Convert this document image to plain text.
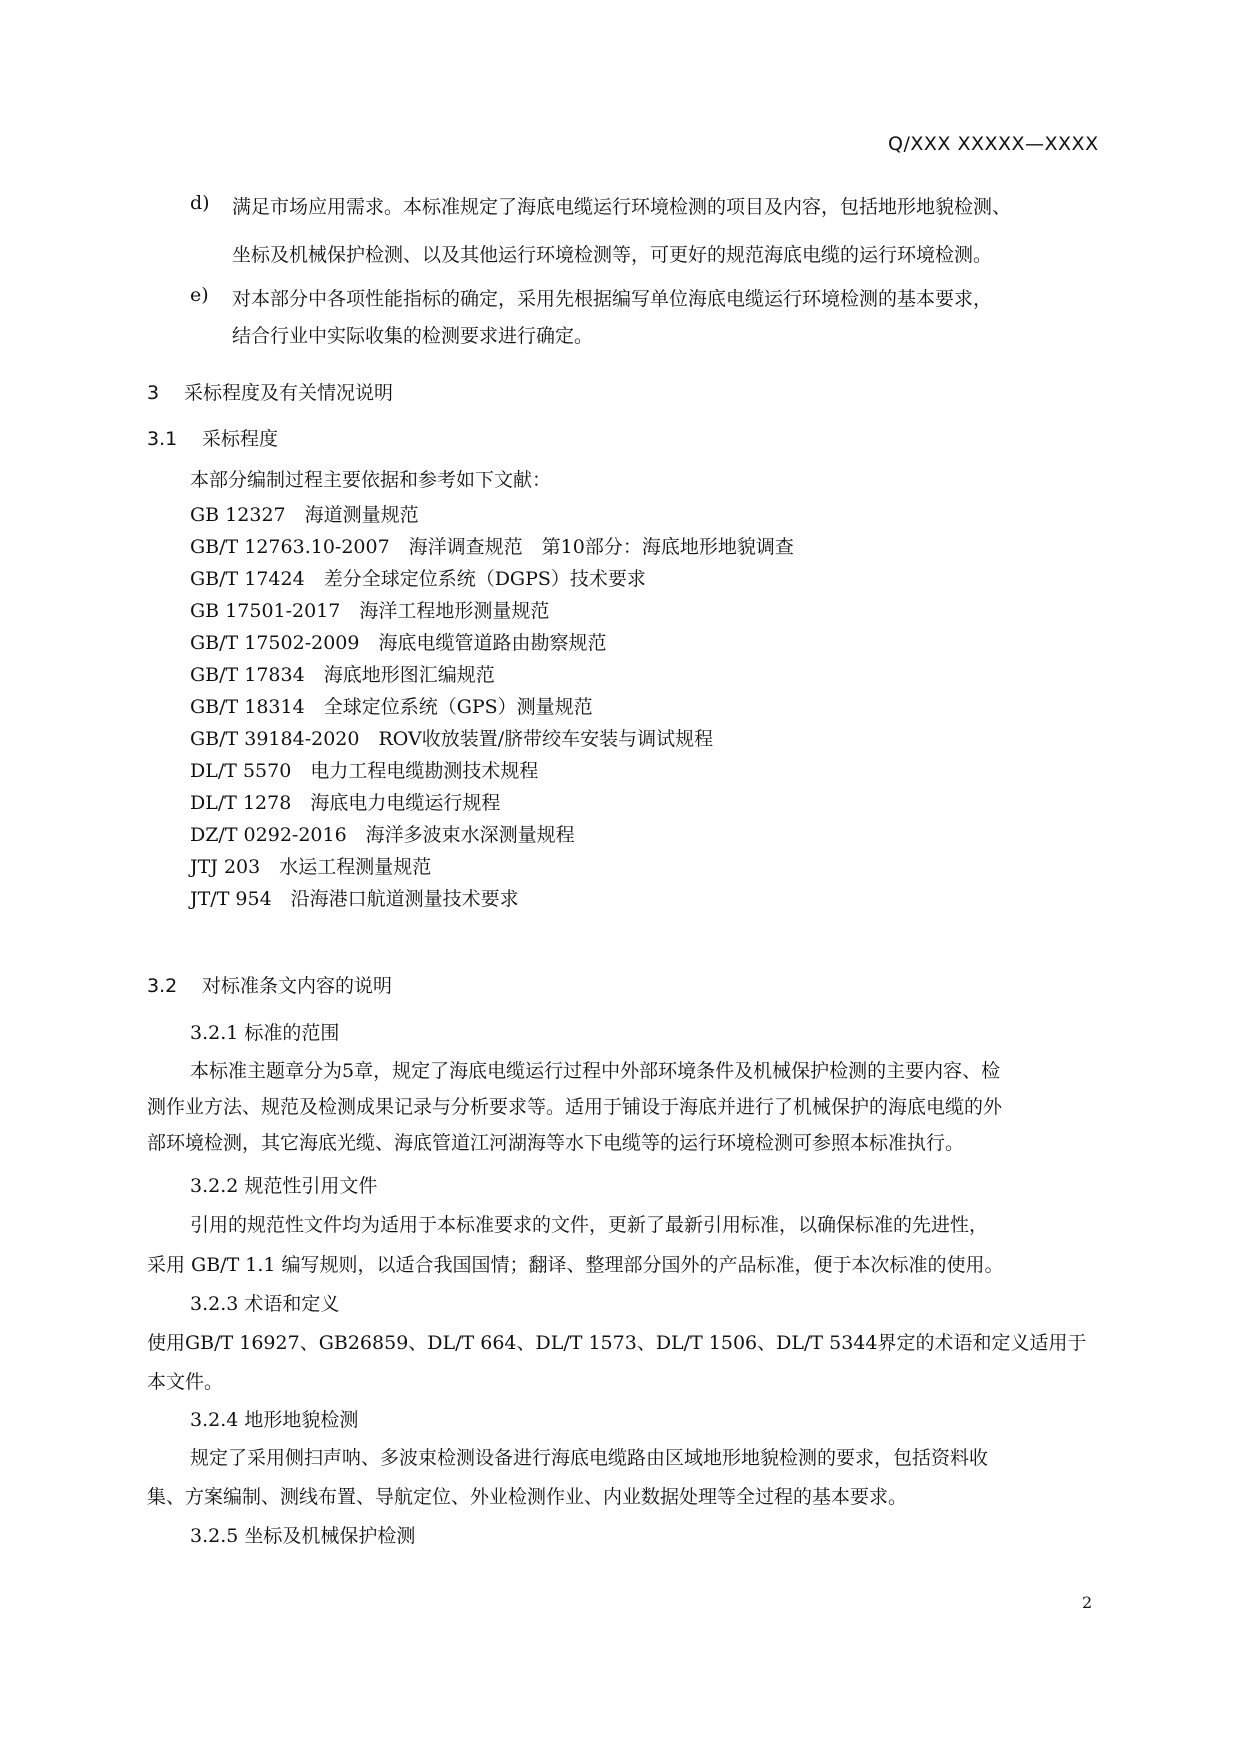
Q/XXX XXXXX—XXXX
d) 满足市场应用需求。本标准规定了海底电缆运行环境检测的项目及内容，包括地形地貌检测、
坐标及机械保护检测、以及其他运行环境检测等，可更好的规范海底电缆的运行环境检测。
e) 对本部分中各项性能指标的确定，采用先根据编写单位海底电缆运行环境检测的基本要求，
结合行业中实际收集的检测要求进行确定。
3 采标程度及有关情况说明
3.1 采标程度
本部分编制过程主要依据和参考如下文献：
GB 12327　海道测量规范
GB/T 12763.10-2007　海洋调查规范　第10部分：海底地形地貌调查
GB/T 17424　差分全球定位系统（DGPS）技术要求
GB 17501-2017　海洋工程地形测量规范
GB/T 17502-2009　海底电缆管道路由勘察规范
GB/T 17834　海底地形图汇编规范
GB/T 18314　全球定位系统（GPS）测量规范
GB/T 39184-2020　ROV收放装置/脐带绞车安装与调试规程
DL/T 5570　电力工程电缆勘测技术规程
DL/T 1278　海底电力电缆运行规程
DZ/T 0292-2016　海洋多波束水深测量规程
JTJ 203　水运工程测量规范
JT/T 954　沿海港口航道测量技术要求
3.2 对标准条文内容的说明
3.2.1 标准的范围
本标准主题章分为5章，规定了海底电缆运行过程中外部环境条件及机械保护检测的主要内容、检
测作业方法、规范及检测成果记录与分析要求等。适用于铺设于海底并进行了机械保护的海底电缆的外
部环境检测，其它海底光缆、海底管道江河湖海等水下电缆等的运行环境检测可参照本标准执行。
3.2.2 规范性引用文件
引用的规范性文件均为适用于本标准要求的文件，更新了最新引用标准，以确保标准的先进性，
采用 GB/T 1.1 编写规则，以适合我国国情；翻译、整理部分国外的产品标准，便于本次标准的使用。
3.2.3 术语和定义
使用GB/T 16927、GB26859、DL/T 664、DL/T 1573、DL/T 1506、DL/T 5344界定的术语和定义适用于
本文件。
3.2.4 地形地貌检测
规定了采用侧扫声呐、多波束检测设备进行海底电缆路由区域地形地貌检测的要求，包括资料收
集、方案编制、测线布置、导航定位、外业检测作业、内业数据处理等全过程的基本要求。
3.2.5 坐标及机械保护检测
2
